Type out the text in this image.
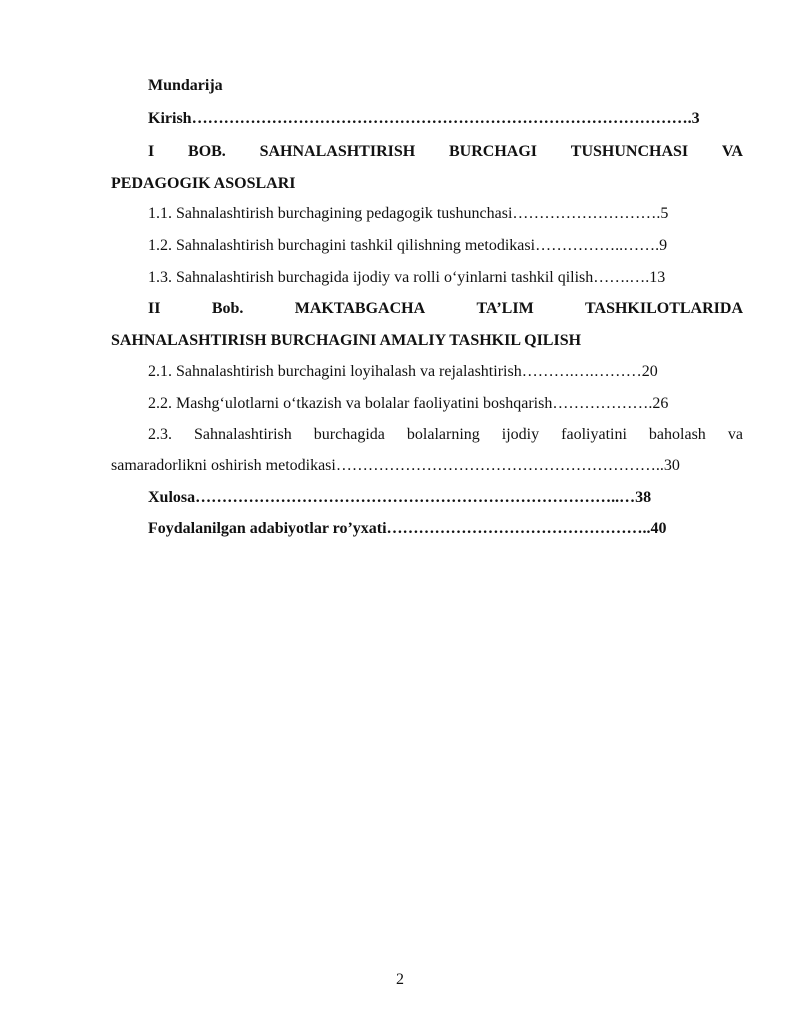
Mundarija
Kirish………………………………………………………………………………….3
I BOB. SAHNALASHTIRISH BURCHAGI TUSHUNCHASI VA
PEDAGOGIK ASOSLARI
1.1. Sahnalashtirish burchagining pedagogik tushunchasi……………………….5
1.2. Sahnalashtirish burchagini tashkil qilishning metodikasi……………..…….9
1.3. Sahnalashtirish burchagida ijodiy va rolli o‘yinlarni tashkil qilish…….….13
II	Bob.	MAKTABGACHA	TA’LIM	TASHKILOTLARIDA
SAHNALASHTIRISH BURCHAGINI AMALIY TASHKIL QILISH
2.1. Sahnalashtirish burchagini loyihalash va rejalashtirish……….….………20
2.2. Mashg‘ulotlarni o‘tkazish va bolalar faoliyatini boshqarish……………….26
2.3. Sahnalashtirish burchagida bolalarning ijodiy faoliyatini baholash va
samaradorlikni oshirish metodikasi……………………………………………………..30
Xulosa……………………………………………………………………..…38
Foydalanilgan adabiyotlar ro’yxati…………………………………………..40
2
